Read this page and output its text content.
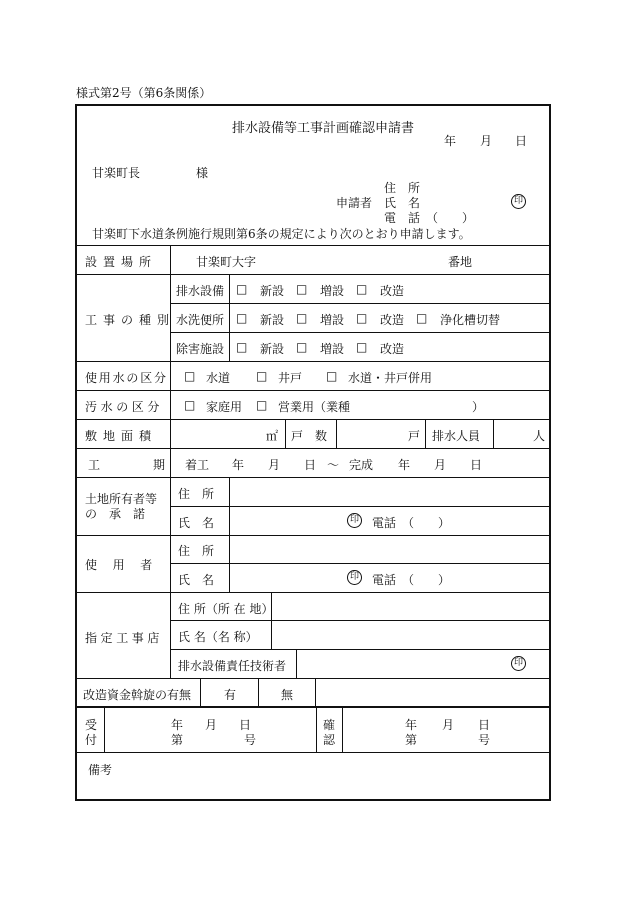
様式第2号（第6条関係）
排水設備等工事計画確認申請書
年 月 日
甘楽町長	様
住　所
申請者 氏　名	印
電　話　（　　）
甘楽町下水道条例施行規則第6条の規定により次のとおり申請します。
設置場所	甘楽町大字	番地
工事の種別
排水設備 □ 新設 □ 増設 □ 改造
水洗便所 □ 新設 □ 増設 □ 改造 □ 浄化槽切替
除害施設 □ 新設 □ 増設 □ 改造
使用水の区分 □ 水道 □ 井戸 □ 水道・井戸併用
汚水の区分 □ 家庭用 □ 営業用（業種	）
敷地面積	㎡ 戸　数	戸 排水人員	人
工	期 着工 年 月 日 〜 完成 年 月 日
土地所有者等
の　承　諾
住　所
氏　名	印 電話　（　　）
使用者
住　所
氏　名	印 電話　（　　）
指定工事店
住 所（所 在 地）
氏 名（名 称）
排水設備責任技術者	印
改造資金斡旋の有無	有	無
受
付
年 月 日
第	号
確
認
年 月 日
第	号
備考
